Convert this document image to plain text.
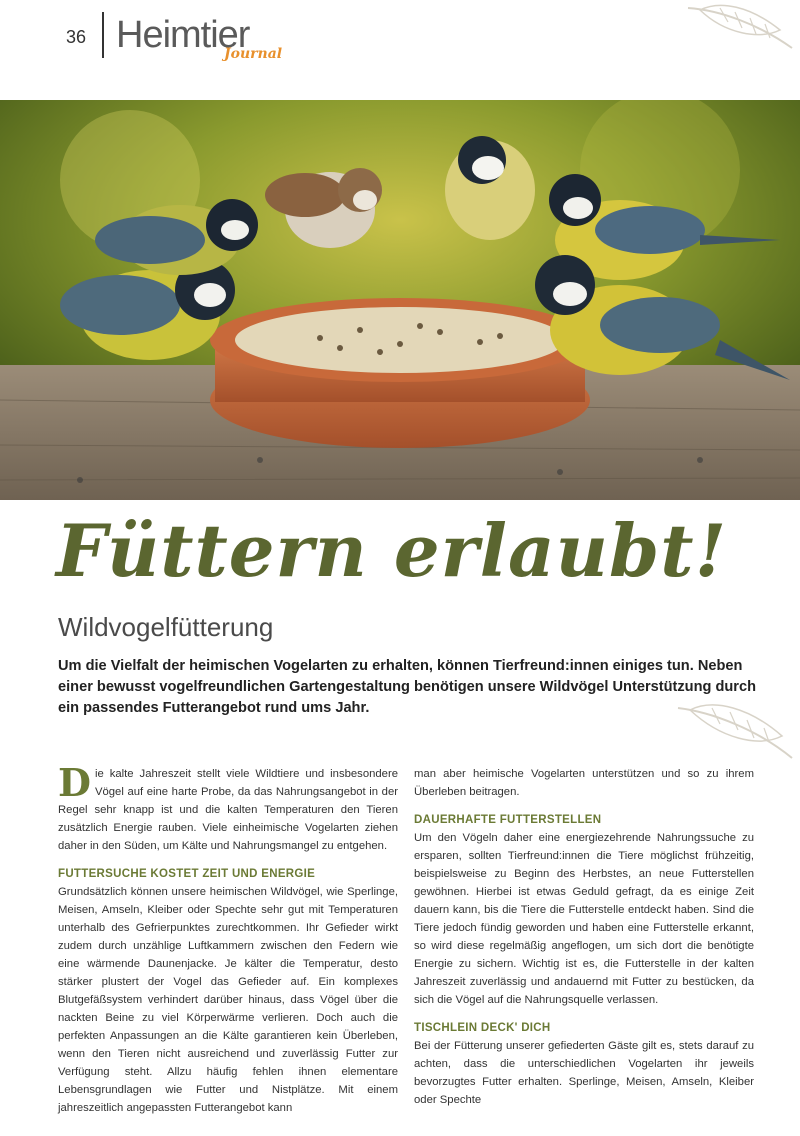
36 Heimtier
Journal
Füttern erlaubt!
Wildvogelfütterung
Um die Vielfalt der heimischen Vogelarten zu erhalten, können Tierfreund:innen einiges tun. Neben einer bewusst vogelfreundlichen Gartengestaltung benötigen unsere Wildvögel Unterstützung durch ein passendes Futterangebot rund ums Jahr.

D ie kalte Jahreszeit stellt viele Wildtiere und insbesondere Vögel auf eine harte Probe, da das Nahrungsangebot in der Regel sehr knapp ist und die kalten Temperaturen den Tieren zusätzlich Energie rauben. Viele einheimische Vogelarten ziehen daher in den Süden, um Kälte und Nahrungsmangel zu entgehen.

FUTTERSUCHE KOSTET ZEIT UND ENERGIE

Grundsätzlich können unsere heimischen Wildvögel, wie Sperlinge, Meisen, Amseln, Kleiber oder Spechte sehr gut mit Temperaturen unterhalb des Gefrierpunktes zurechtkommen. Ihr Gefieder wirkt zudem durch unzählige Luftkammern zwischen den Federn wie eine wärmende Daunenjacke. Je kälter die Temperatur, desto stärker plustert der Vogel das Gefieder auf. Ein komplexes Blutgefäßsystem verhindert darüber hinaus, dass Vögel über die nackten Beine zu viel Körperwärme verlieren. Doch auch die perfekten Anpassungen an die Kälte garantieren kein Überleben, wenn den Tieren nicht ausreichend und zuverlässig Futter zur Verfügung steht. Allzu häufig fehlen ihnen elementare Lebensgrundlagen wie Futter und Nistplätze. Mit einem jahreszeitlich angepassten Futterangebot kann

man aber heimische Vogelarten unterstützen und so zu ihrem Überleben beitragen.

DAUERHAFTE FUTTERSTELLEN

Um den Vögeln daher eine energiezehrende Nahrungssuche zu ersparen, sollten Tierfreund:innen die Tiere möglichst frühzeitig, beispielsweise zu Beginn des Herbstes, an neue Futterstellen gewöhnen. Hierbei ist etwas Geduld gefragt, da es einige Zeit dauern kann, bis die Tiere die Futterstelle entdeckt haben. Sind die Tiere jedoch fündig geworden und haben eine Futterstelle erkannt, so wird diese regelmäßig angeflogen, um sich dort die benötigte Energie zu sichern. Wichtig ist es, die Futterstelle in der kalten Jahreszeit zuverlässig und andauernd mit Futter zu bestücken, da sich die Vögel auf die Nahrungsquelle verlassen.

TISCHLEIN DECK' DICH

Bei der Fütterung unserer gefiederten Gäste gilt es, stets darauf zu achten, dass die unterschiedlichen Vogelarten ihr jeweils bevorzugtes Futter erhalten. Sperlinge, Meisen, Amseln, Kleiber oder Spechte
